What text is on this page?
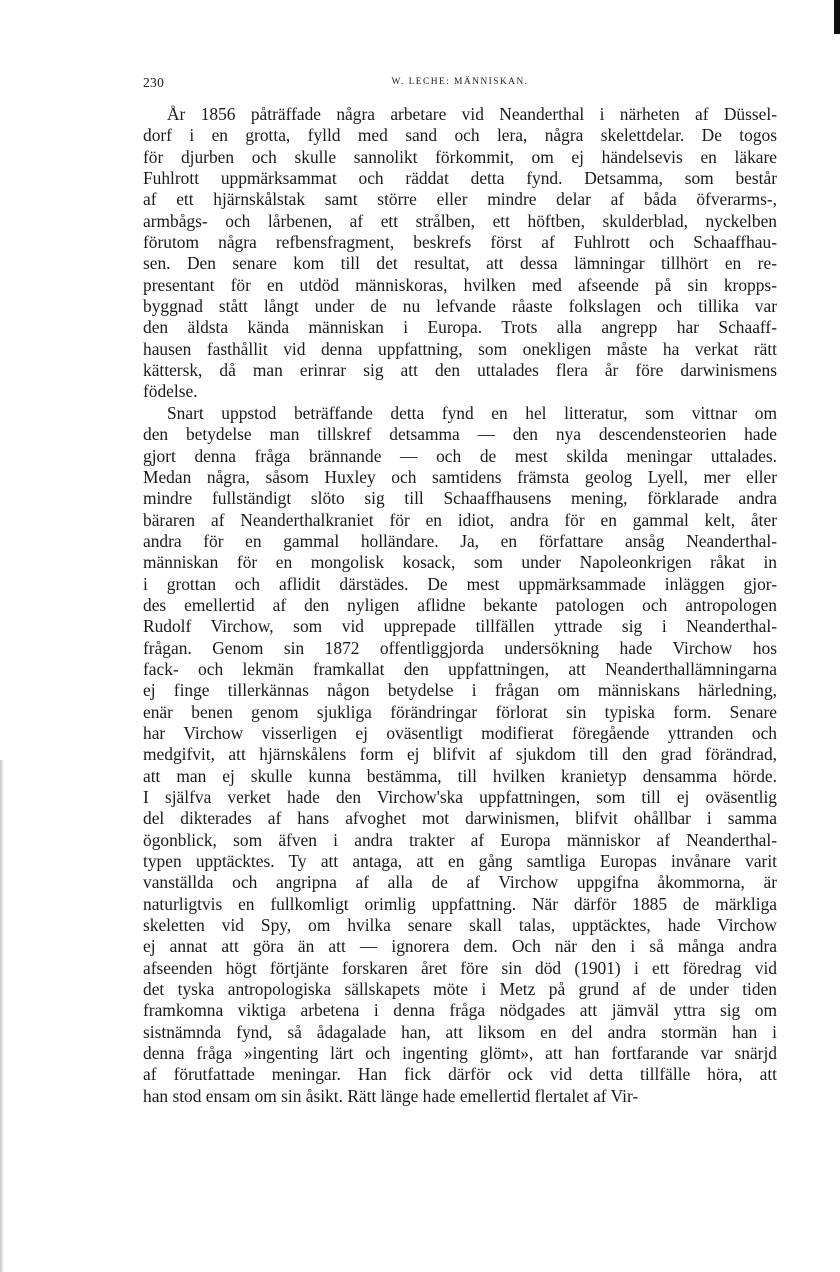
230	W. LECHE: MÄNNISKAN.
År 1856 påträffade några arbetare vid Neanderthal i närheten af Düssel-
dorf i en grotta, fylld med sand och lera, några skelettdelar. De togos
för djurben och skulle sannolikt förkommit, om ej händelsevis en läkare
Fuhlrott uppmärksammat och räddat detta fynd. Detsamma, som består
af ett hjärnskålstak samt större eller mindre delar af båda öfverarms-,
armbågs- och lårbenen, af ett strålben, ett höftben, skulderblad, nyckelben
förutom några refbensfragment, beskrefs först af Fuhlrott och Schaaffhau-
sen. Den senare kom till det resultat, att dessa lämningar tillhört en re-
presentant för en utdöd människoras, hvilken med afseende på sin kropps-
byggnad stått långt under de nu lefvande råaste folkslagen och tillika var
den äldsta kända människan i Europa. Trots alla angrepp har Schaaff-
hausen fasthållit vid denna uppfattning, som onekligen måste ha verkat rätt
kättersk, då man erinrar sig att den uttalades flera år före darwinismens
födelse.
Snart uppstod beträffande detta fynd en hel litteratur, som vittnar om
den betydelse man tillskref detsamma — den nya descendensteorien hade
gjort denna fråga brännande — och de mest skilda meningar uttalades.
Medan några, såsom Huxley och samtidens främsta geolog Lyell, mer eller
mindre fullständigt slöto sig till Schaaffhausens mening, förklarade andra
bäraren af Neanderthalkraniet för en idiot, andra för en gammal kelt, åter
andra för en gammal holländare. Ja, en författare ansåg Neanderthal-
människan för en mongolisk kosack, som under Napoleonkrigen råkat in
i grottan och aflidit därstädes. De mest uppmärksammade inläggen gjor-
des emellertid af den nyligen aflidne bekante patologen och antropologen
Rudolf Virchow, som vid upprepade tillfällen yttrade sig i Neanderthal-
frågan. Genom sin 1872 offentliggjorda undersökning hade Virchow hos
fack- och lekmän framkallat den uppfattningen, att Neanderthallämningarna
ej finge tillerkännas någon betydelse i frågan om människans härledning,
enär benen genom sjukliga förändringar förlorat sin typiska form. Senare
har Virchow visserligen ej oväsentligt modifierat föregående yttranden och
medgifvit, att hjärnskålens form ej blifvit af sjukdom till den grad förändrad,
att man ej skulle kunna bestämma, till hvilken kranietyp densamma hörde.
I själfva verket hade den Virchow'ska uppfattningen, som till ej oväsentlig
del dikterades af hans afvoghet mot darwinismen, blifvit ohållbar i samma
ögonblick, som äfven i andra trakter af Europa människor af Neanderthal-
typen upptäcktes. Ty att antaga, att en gång samtliga Europas invånare varit
vanställda och angripna af alla de af Virchow uppgifna åkommorna, är
naturligtvis en fullkomligt orimlig uppfattning. När därför 1885 de märkliga
skeletten vid Spy, om hvilka senare skall talas, upptäcktes, hade Virchow
ej annat att göra än att — ignorera dem. Och när den i så många andra
afseenden högt förtjänte forskaren året före sin död (1901) i ett föredrag vid
det tyska antropologiska sällskapets möte i Metz på grund af de under tiden
framkomna viktiga arbetena i denna fråga nödgades att jämväl yttra sig om
sistnämnda fynd, så ådagalade han, att liksom en del andra stormän han i
denna fråga »ingenting lärt och ingenting glömt», att han fortfarande var snärjd
af förutfattade meningar. Han fick därför ock vid detta tillfälle höra, att
han stod ensam om sin åsikt. Rätt länge hade emellertid flertalet af Vir-
